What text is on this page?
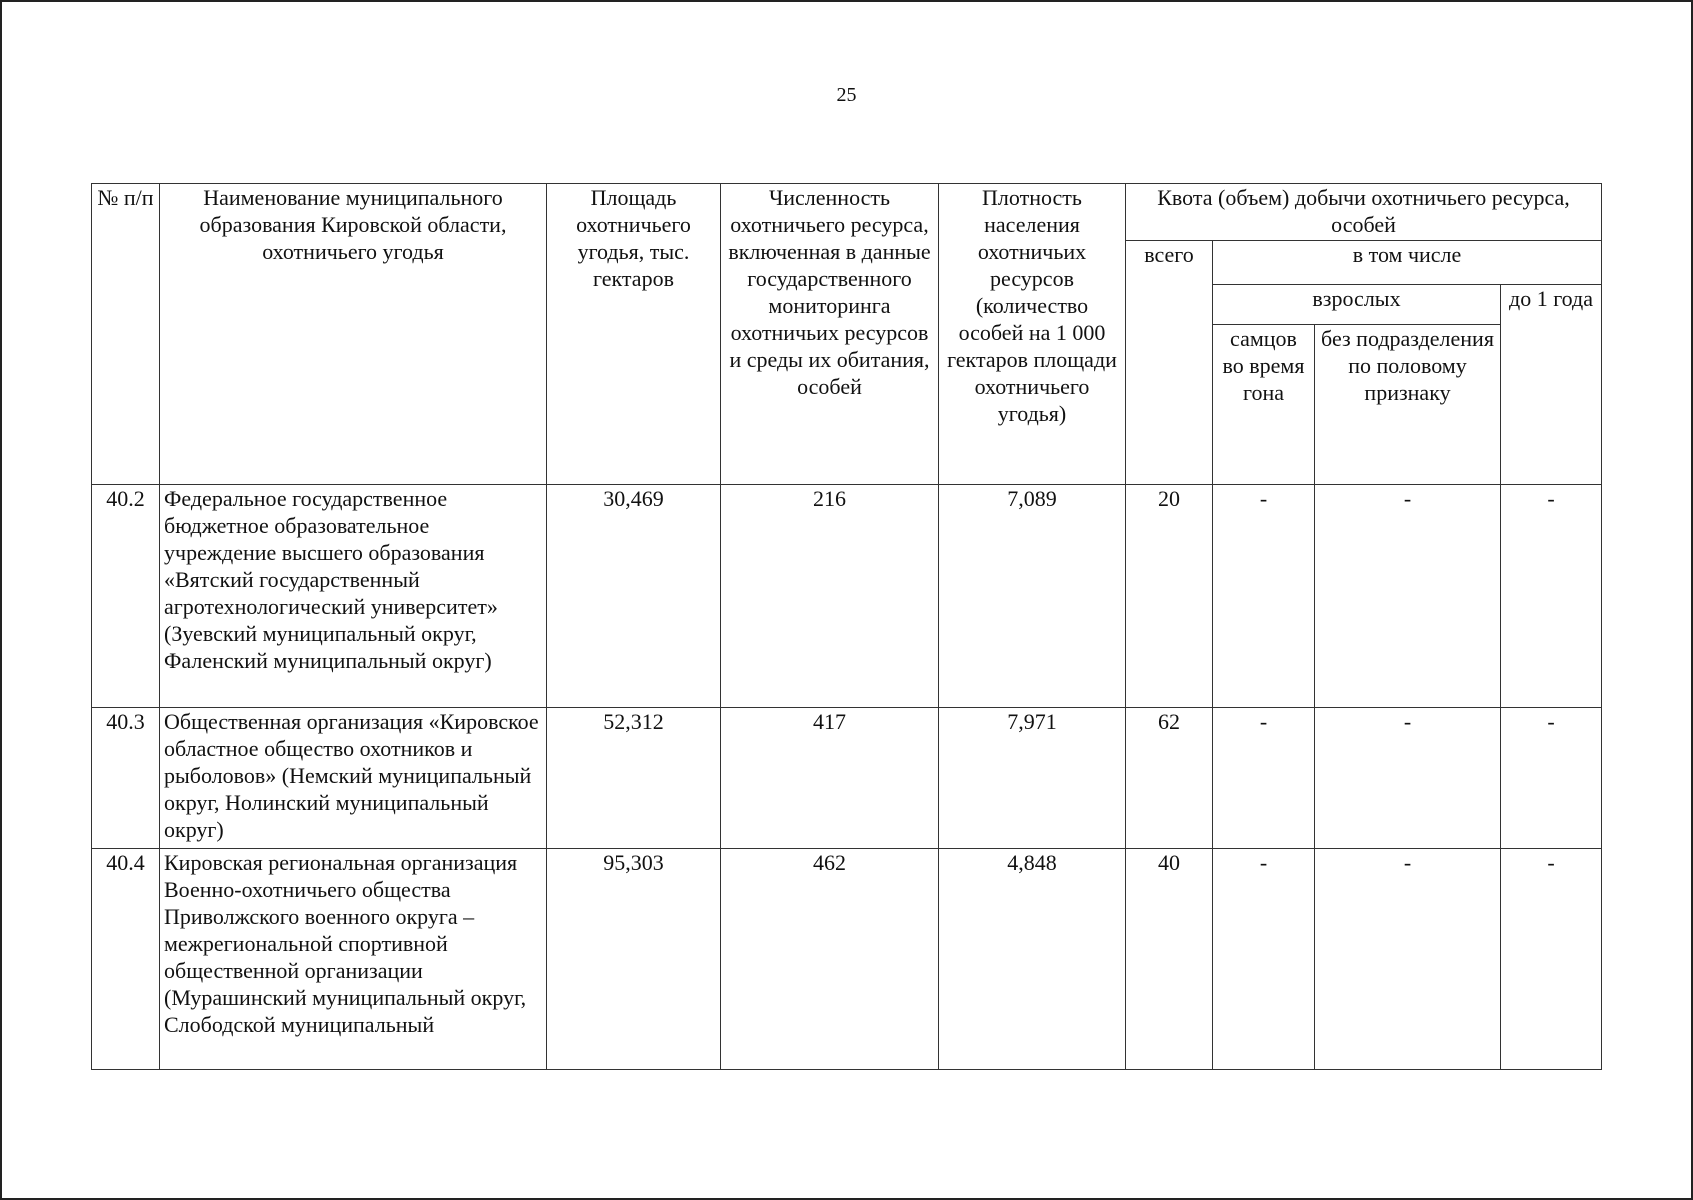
25
№ п/п	Наименование муниципального образования Кировской области, охотничьего угодья	Площадь охотничьего угодья, тыс. гектаров	Численность охотничьего ресурса, включенная в данные государственного мониторинга охотничьих ресурсов и среды их обитания, особей	Плотность населения охотничьих ресурсов (количество особей на 1 000 гектаров площади охотничьего угодья)	Квота (объем) добычи охотничьего ресурса, особей			
					всего	в том числе		
						взрослых		до 1 года
						самцов во время гона	без подразделения по половому признаку	
40.2	Федеральное государственное бюджетное образовательное учреждение высшего образования «Вятский государственный агротехнологический университет» (Зуевский муниципальный округ, Фаленский муниципальный округ)	30,469	216	7,089	20	-	-	-
40.3	Общественная организация «Кировское областное общество охотников и рыболовов» (Немский муниципальный округ, Нолинский муниципальный округ)	52,312	417	7,971	62	-	-	-
40.4	Кировская региональная организация Военно-охотничьего общества Приволжского военного округа – межрегиональной спортивной общественной организации (Мурашинский муниципальный округ, Слободской муниципальный	95,303	462	4,848	40	-	-	-
